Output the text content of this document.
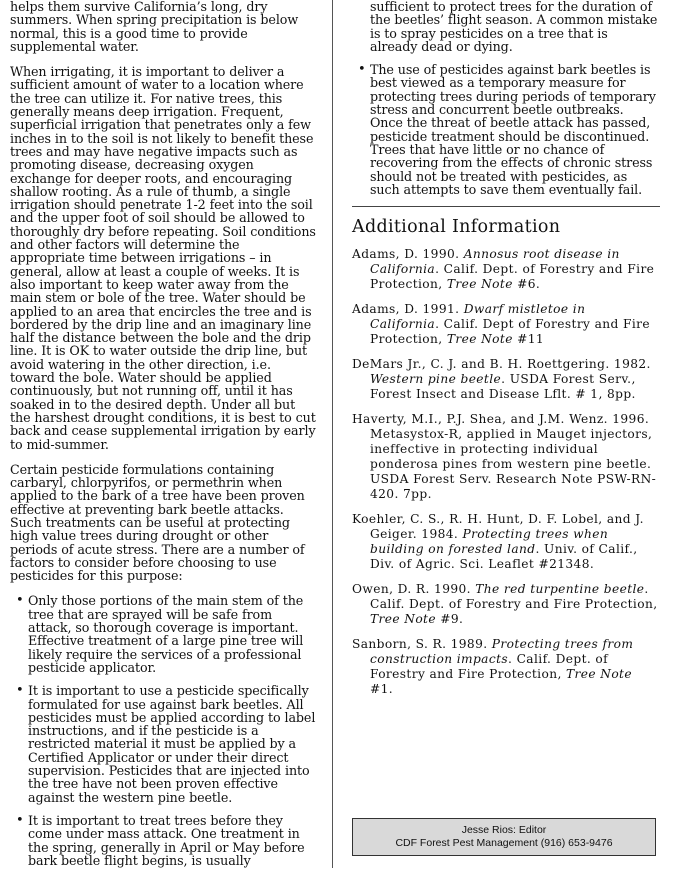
helps them survive California’s long, dry summers. When spring precipitation is below normal, this is a good time to provide supplemental water.

When irrigating, it is important to deliver a sufficient amount of water to a location where the tree can utilize it. For native trees, this generally means deep irrigation. Frequent, superficial irrigation that penetrates only a few inches in to the soil is not likely to benefit these trees and may have negative impacts such as promoting disease, decreasing oxygen exchange for deeper roots, and encouraging shallow rooting. As a rule of thumb, a single irrigation should penetrate 1-2 feet into the soil and the upper foot of soil should be allowed to thoroughly dry before repeating. Soil conditions and other factors will determine the appropriate time between irrigations – in general, allow at least a couple of weeks. It is also important to keep water away from the main stem or bole of the tree. Water should be applied to an area that encircles the tree and is bordered by the drip line and an imaginary line half the distance between the bole and the drip line. It is OK to water outside the drip line, but avoid watering in the other direction, i.e. toward the bole. Water should be applied continuously, but not running off, until it has soaked in to the desired depth. Under all but the harshest drought conditions, it is best to cut back and cease supplemental irrigation by early to mid-summer.

Certain pesticide formulations containing carbaryl, chlorpyrifos, or permethrin when applied to the bark of a tree have been proven effective at preventing bark beetle attacks. Such treatments can be useful at protecting high value trees during drought or other periods of acute stress. There are a number of factors to consider before choosing to use pesticides for this purpose:

• Only those portions of the main stem of the tree that are sprayed will be safe from attack, so thorough coverage is important. Effective treatment of a large pine tree will likely require the services of a professional pesticide applicator.
• It is important to use a pesticide specifically formulated for use against bark beetles. All pesticides must be applied according to label instructions, and if the pesticide is a restricted material it must be applied by a Certified Applicator or under their direct supervision. Pesticides that are injected into the tree have not been proven effective against the western pine beetle.
• It is important to treat trees before they come under mass attack. One treatment in the spring, generally in April or May before bark beetle flight begins, is usually
sufficient to protect trees for the duration of the beetles’ flight season. A common mistake is to spray pesticides on a tree that is already dead or dying.
• The use of pesticides against bark beetles is best viewed as a temporary measure for protecting trees during periods of temporary stress and concurrent beetle outbreaks. Once the threat of beetle attack has passed, pesticide treatment should be discontinued. Trees that have little or no chance of recovering from the effects of chronic stress should not be treated with pesticides, as such attempts to save them eventually fail.
Additional Information
Adams, D. 1990. Annosus root disease in California. Calif. Dept. of Forestry and Fire Protection, Tree Note #6.
Adams, D. 1991. Dwarf mistletoe in California. Calif. Dept of Forestry and Fire Protection, Tree Note #11
DeMars Jr., C. J. and B. H. Roettgering. 1982. Western pine beetle. USDA Forest Serv., Forest Insect and Disease Lflt. # 1, 8pp.
Haverty, M.I., P.J. Shea, and J.M. Wenz. 1996. Metasystox-R, applied in Mauget injectors, ineffective in protecting individual ponderosa pines from western pine beetle. USDA Forest Serv. Research Note PSW-RN-420. 7pp.
Koehler, C. S., R. H. Hunt, D. F. Lobel, and J. Geiger. 1984. Protecting trees when building on forested land. Univ. of Calif., Div. of Agric. Sci. Leaflet #21348.
Owen, D. R. 1990. The red turpentine beetle. Calif. Dept. of Forestry and Fire Protection, Tree Note #9.
Sanborn, S. R. 1989. Protecting trees from construction impacts. Calif. Dept. of Forestry and Fire Protection, Tree Note #1.
Jesse Rios: Editor
CDF Forest Pest Management (916) 653-9476
